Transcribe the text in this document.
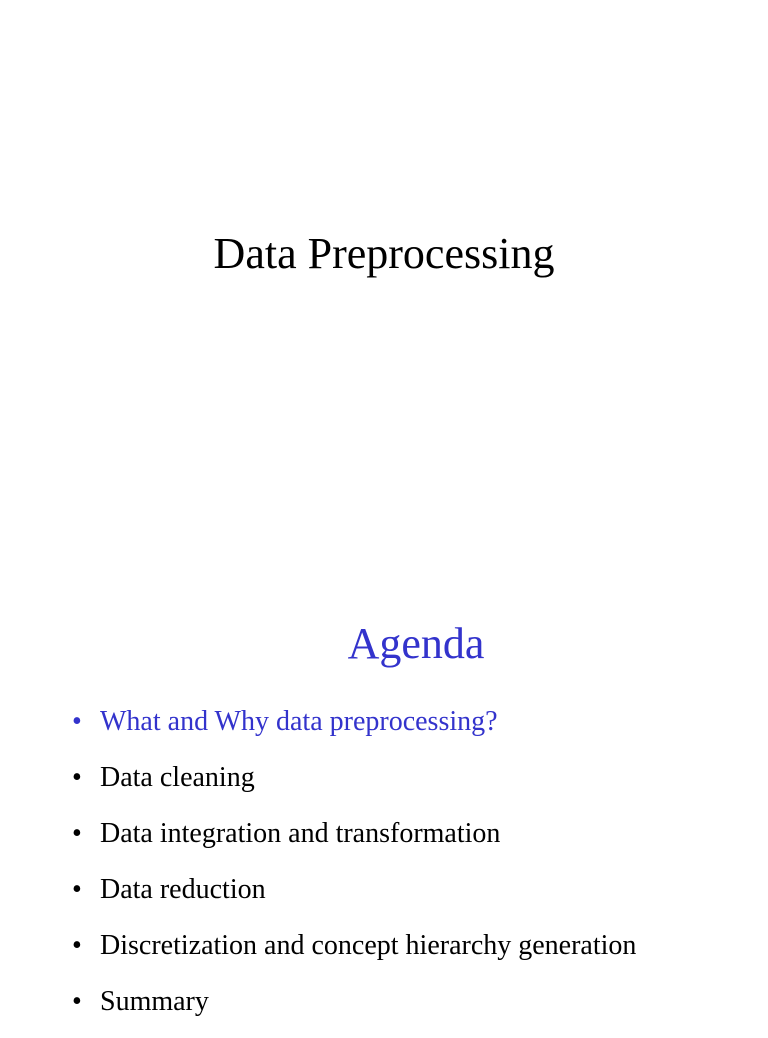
Data Preprocessing
Agenda
• What and Why data preprocessing?
• Data cleaning
• Data integration and transformation
• Data reduction
• Discretization and concept hierarchy generation
• Summary
